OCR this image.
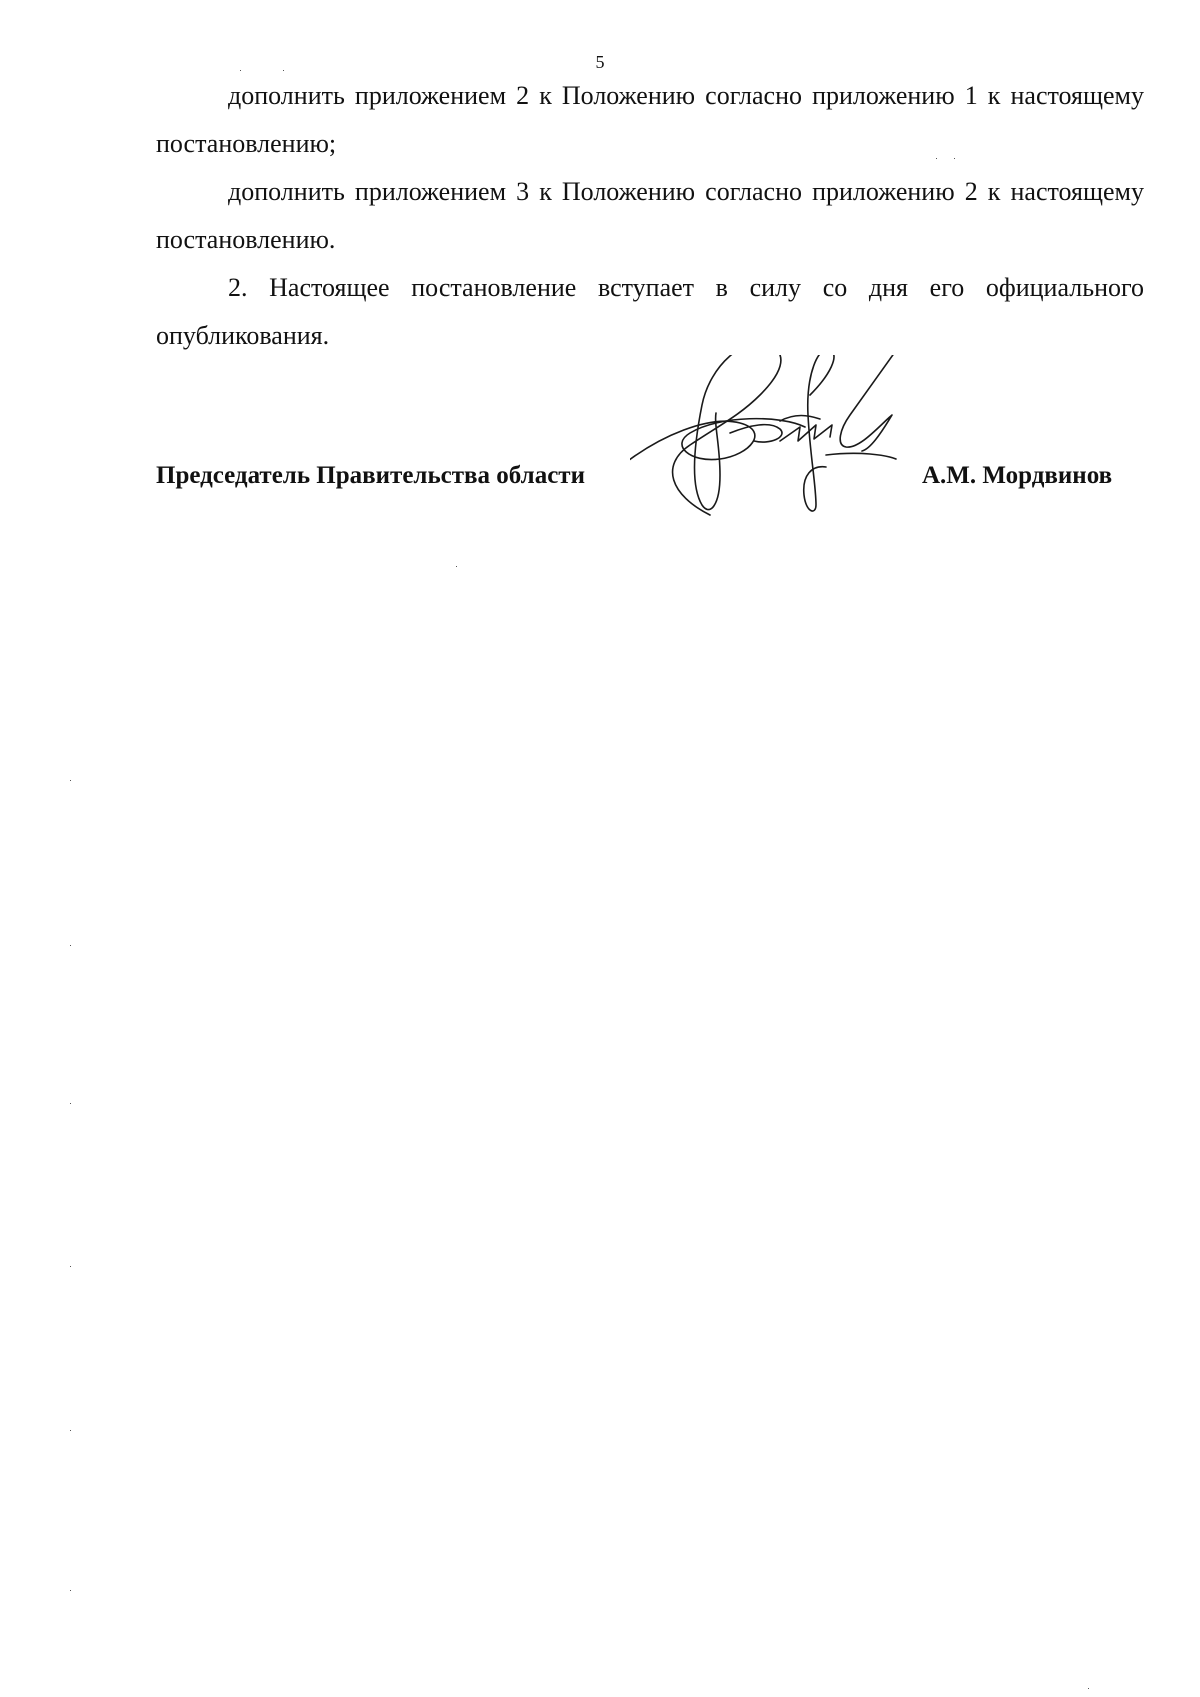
5

дополнить приложением 2 к Положению согласно приложению 1 к настоящему постановлению;

дополнить приложением 3 к Положению согласно приложению 2 к настоящему постановлению.

2. Настоящее постановление вступает в силу со дня его официального опубликования.

Председатель Правительства области	А.М. Мордвинов
